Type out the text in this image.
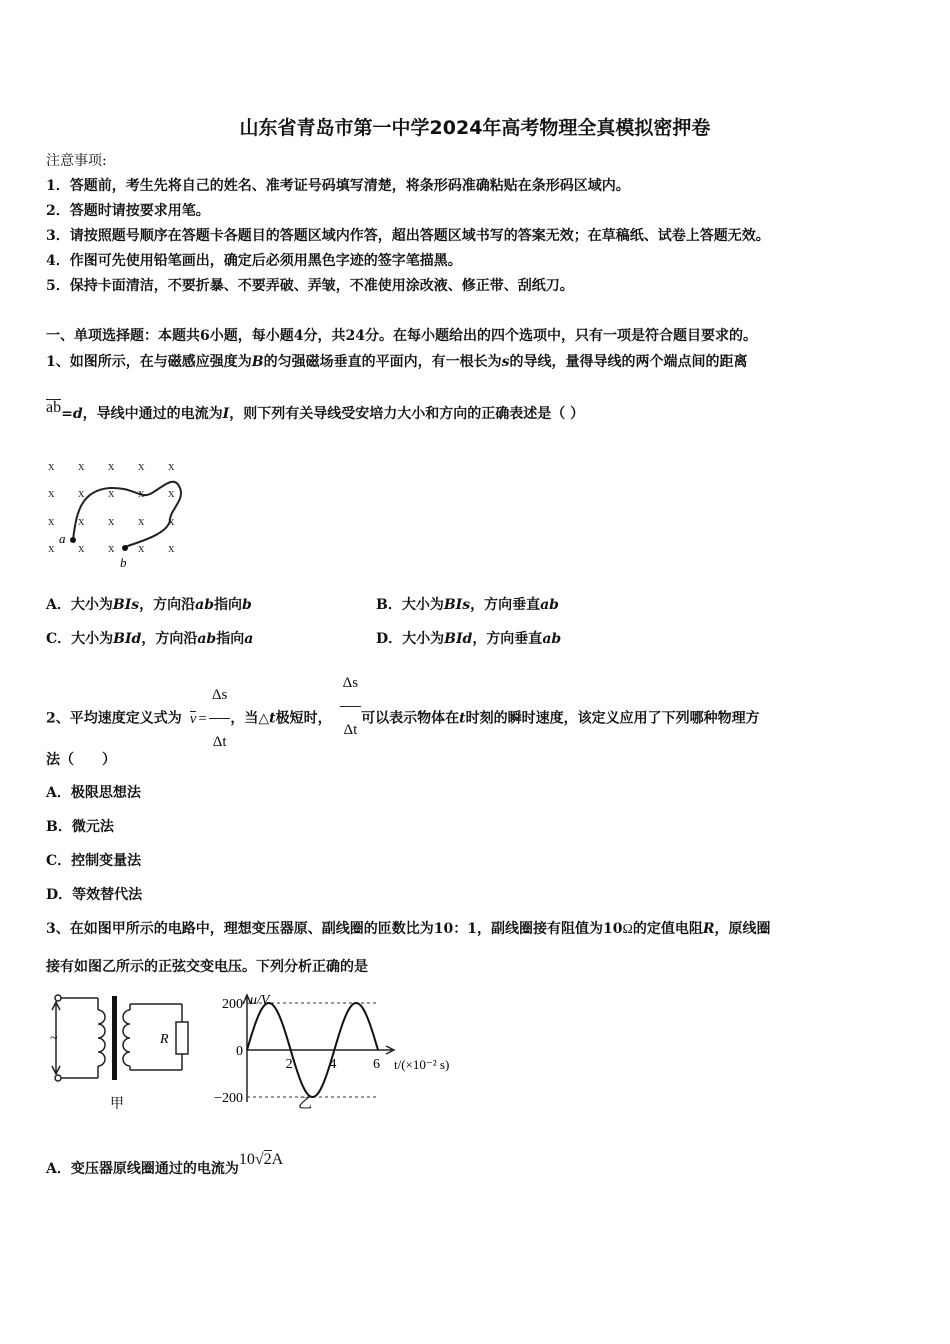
山东省青岛市第一中学2024年高考物理全真模拟密押卷
注意事项:
1．答题前，考生先将自己的姓名、准考证号码填写清楚，将条形码准确粘贴在条形码区域内。
2．答题时请按要求用笔。
3．请按照题号顺序在答题卡各题目的答题区域内作答，超出答题区域书写的答案无效；在草稿纸、试卷上答题无效。
4．作图可先使用铅笔画出，确定后必须用黑色字迹的签字笔描黑。
5．保持卡面清洁，不要折暴、不要弄破、弄皱，不准使用涂改液、修正带、刮纸刀。
一、单项选择题：本题共6小题，每小题4分，共24分。在每小题给出的四个选项中，只有一项是符合题目要求的。
1、如图所示，在与磁感应强度为B的匀强磁场垂直的平面内，有一根长为s的导线，量得导线的两个端点间的距离
ab=d，导线中通过的电流为I，则下列有关导线受安培力大小和方向的正确表述是（ ）
x x x x x
x x x x x
x x x x x
x x x x x
a
b
A．大小为BIs，方向沿ab指向b	B．大小为BIs，方向垂直ab
C．大小为BId，方向沿ab指向a	D．大小为BId，方向垂直ab
2、平均速度定义式为 $v = \frac{\Delta s}{\Delta t}$ ，当△t极短时， $\frac{\Delta s}{\Delta t}$ 可以表示物体在t时刻的瞬时速度，该定义应用了下列哪种物理方
法（　　）
A．极限思想法
B．微元法
C．控制变量法
D．等效替代法
3、在如图甲所示的电路中，理想变压器原、副线圈的匝数比为10：1，副线圈接有阻值为10Ω的定值电阻R，原线圈
接有如图乙所示的正弦交变电压。下列分析正确的是
~	R
甲
u/V
t/(×10⁻² s)
200
0
−200
2	4	6
乙
A．变压器原线圈通过的电流为10√2A
